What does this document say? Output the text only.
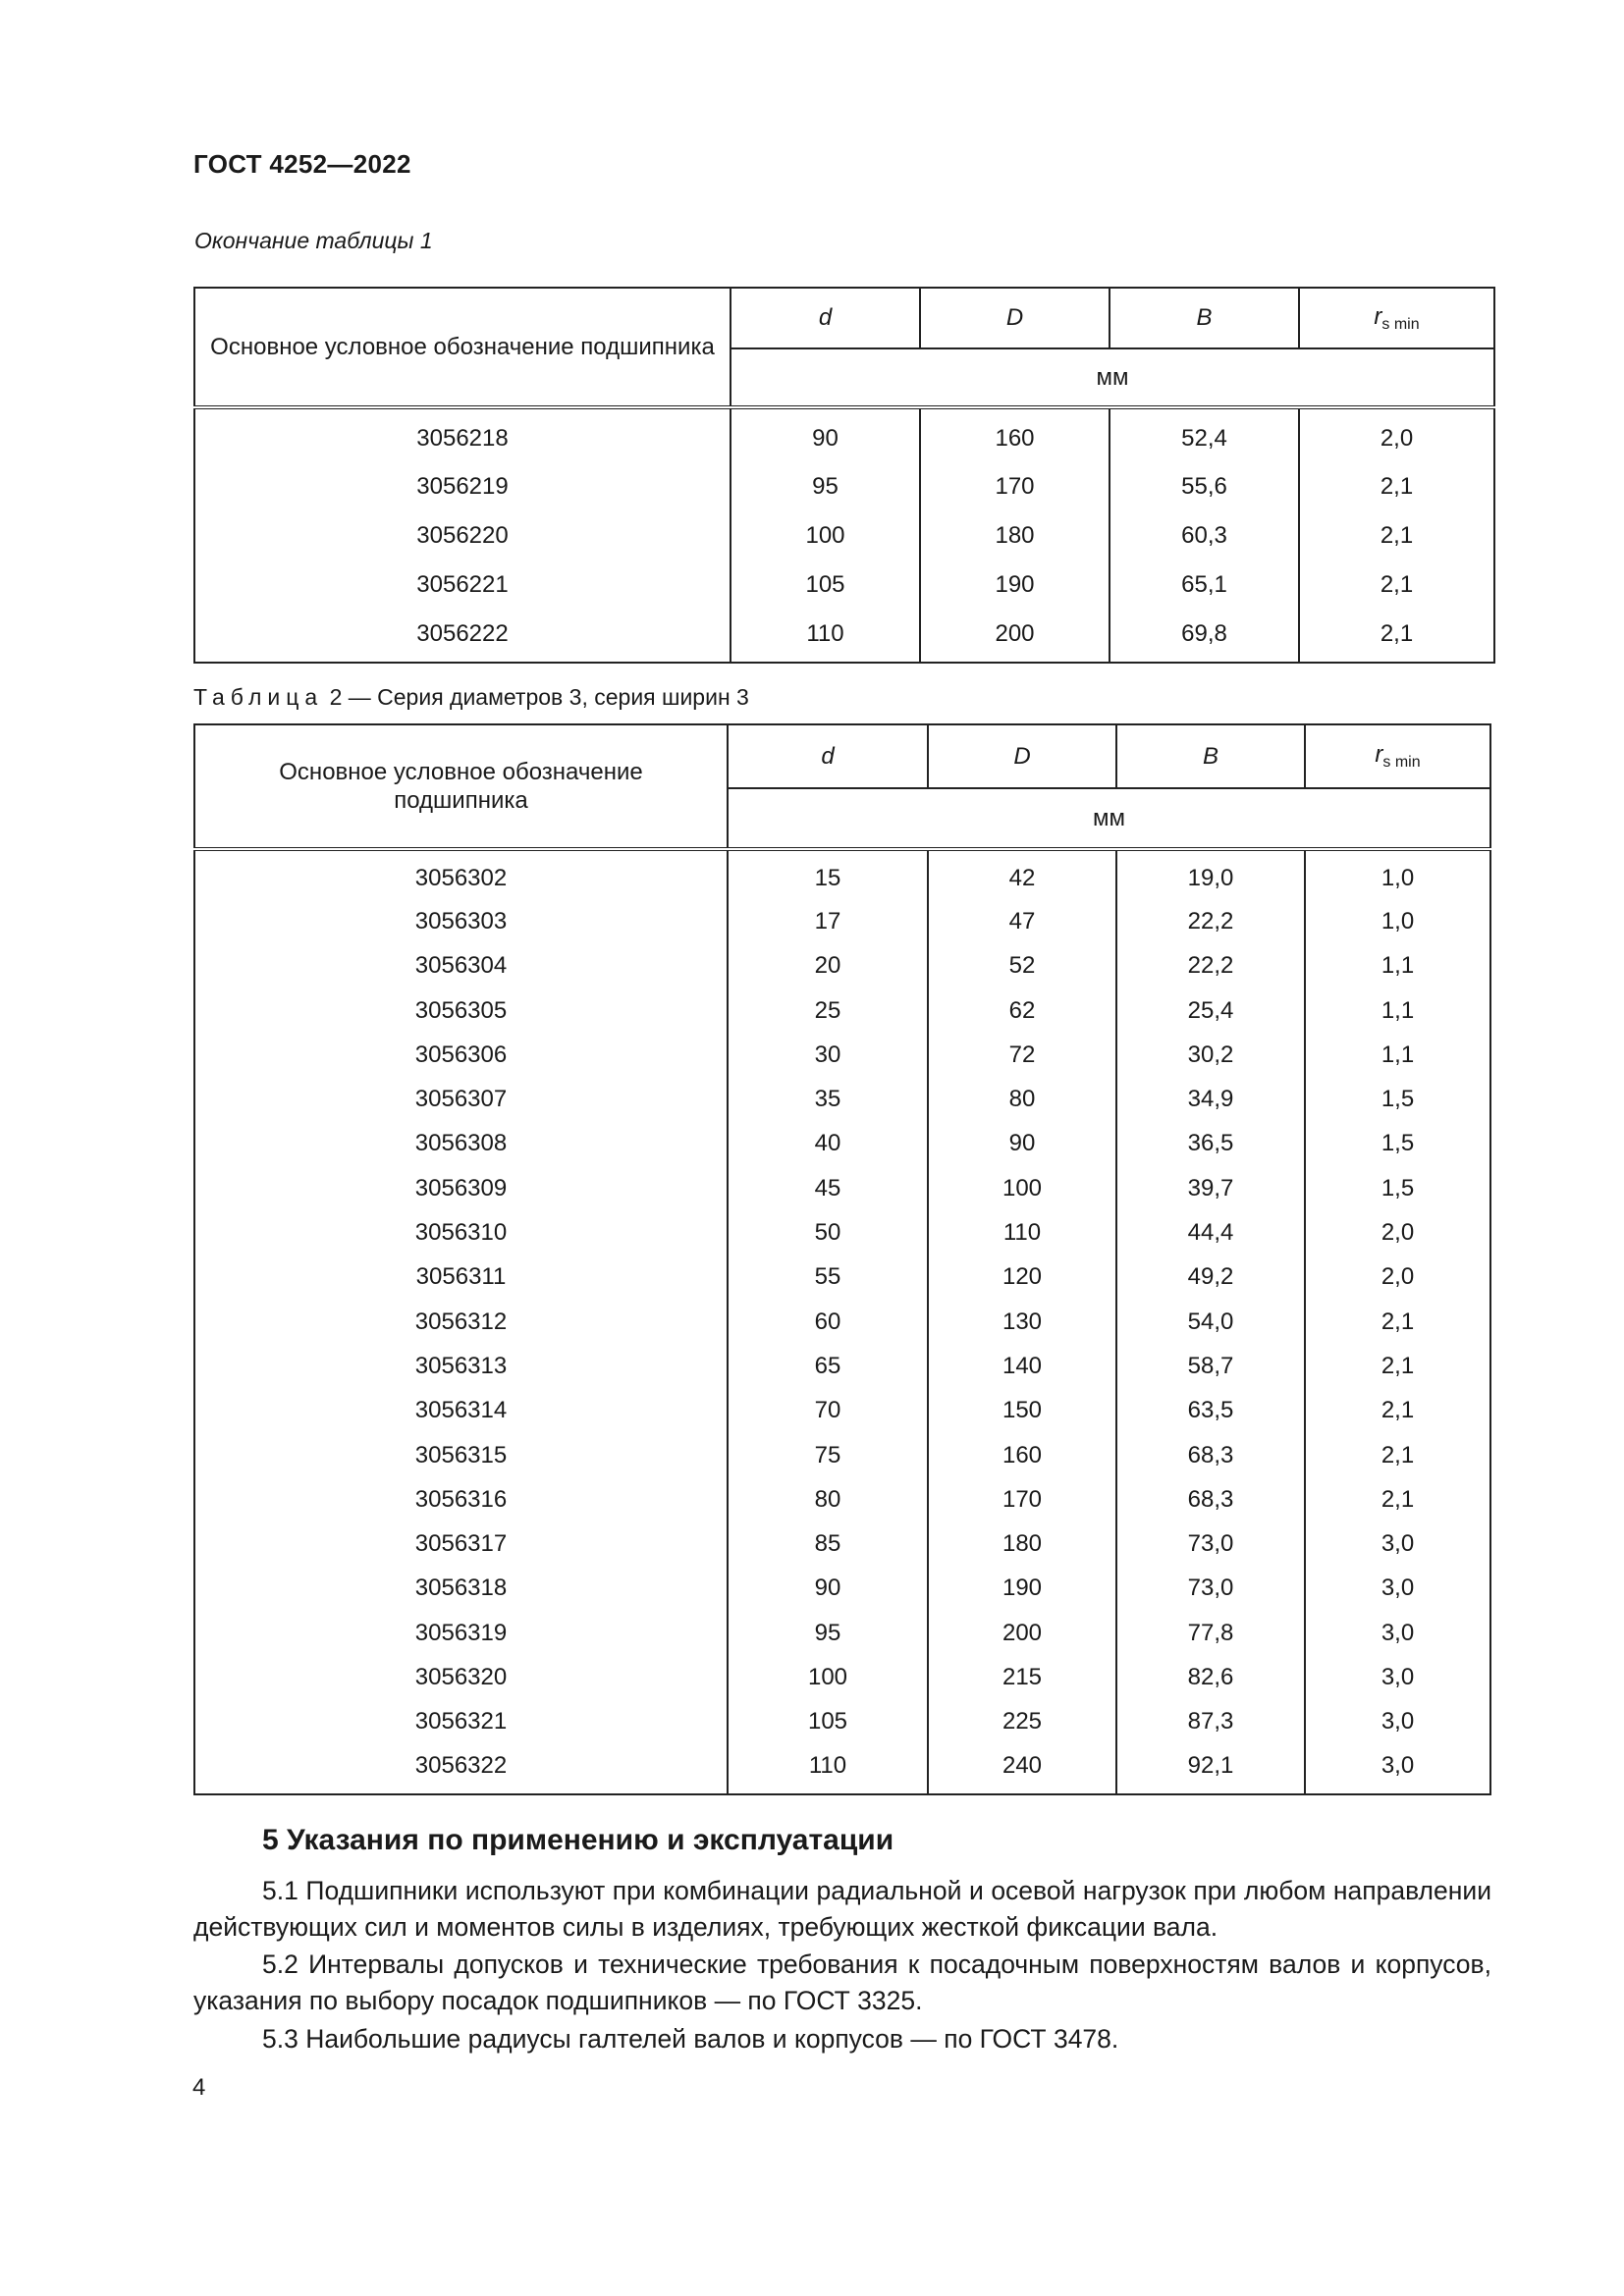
ГОСТ 4252—2022
Окончание таблицы 1
Основное условное обозначение подшипника	d	D	B	$r_{s min}$
	мм			
3056218	90	160	52,4	2,0
3056219	95	170	55,6	2,1
3056220	100	180	60,3	2,1
3056221	105	190	65,1	2,1
3056222	110	200	69,8	2,1
Таблица 2 — Серия диаметров 3, серия ширин 3
Основное условное обозначение
подшипника	d	D	B	$r_{s min}$
	мм			
3056302	15	42	19,0	1,0
3056303	17	47	22,2	1,0
3056304	20	52	22,2	1,1
3056305	25	62	25,4	1,1
3056306	30	72	30,2	1,1
3056307	35	80	34,9	1,5
3056308	40	90	36,5	1,5
3056309	45	100	39,7	1,5
3056310	50	110	44,4	2,0
3056311	55	120	49,2	2,0
3056312	60	130	54,0	2,1
3056313	65	140	58,7	2,1
3056314	70	150	63,5	2,1
3056315	75	160	68,3	2,1
3056316	80	170	68,3	2,1
3056317	85	180	73,0	3,0
3056318	90	190	73,0	3,0
3056319	95	200	77,8	3,0
3056320	100	215	82,6	3,0
3056321	105	225	87,3	3,0
3056322	110	240	92,1	3,0
5 Указания по применению и эксплуатации
5.1 Подшипники используют при комбинации радиальной и осевой нагрузок при любом направлении действующих сил и моментов силы в изделиях, требующих жесткой фиксации вала.
5.2 Интервалы допусков и технические требования к посадочным поверхностям валов и корпусов, указания по выбору посадок подшипников — по ГОСТ 3325.
5.3 Наибольшие радиусы галтелей валов и корпусов — по ГОСТ 3478.
4
